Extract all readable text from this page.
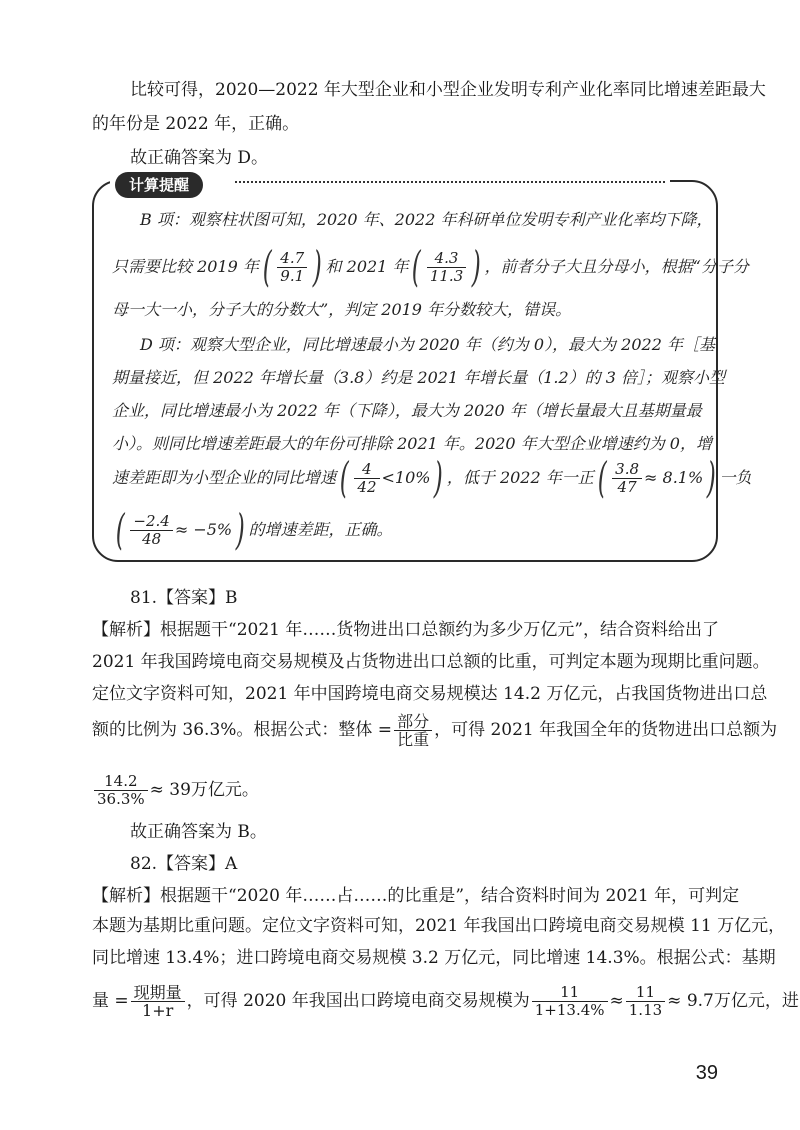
比较可得，2020—2022 年大型企业和小型企业发明专利产业化率同比增速差距最大
的年份是 2022 年，正确。
故正确答案为 D。
计算提醒
B 项：观察柱状图可知，2020 年、2022 年科研单位发明专利产业化率均下降，
只需要比较 2019 年 ( $\frac{4.7}{9.1}$ ) 和 2021 年 ( $\frac{4.3}{11.3}$ ) ，前者分子大且分母小，根据“分子分
母一大一小，分子大的分数大”，判定 2019 年分数较大，错误。
D 项：观察大型企业，同比增速最小为 2020 年（约为 0），最大为 2022 年［基
期量接近，但 2022 年增长量（3.8）约是 2021 年增长量（1.2）的 3 倍］；观察小型
企业，同比增速最小为 2022 年（下降），最大为 2020 年（增长量最大且基期量最
小）。则同比增速差距最大的年份可排除 2021 年。2020 年大型企业增速约为 0，增
速差距即为小型企业的同比增速 ( $\frac{4}{42} <10\%$ ) ，低于 2022 年一正 ( $\frac{3.8}{47} \approx 8.1\%$ ) 一负
( $\frac{-2.4}{48} \approx -5\%$ ) 的增速差距，正确。
81.【答案】B
【解析】根据题干“2021 年……货物进出口总额约为多少万亿元”，结合资料给出了
2021 年我国跨境电商交易规模及占货物进出口总额的比重，可判定本题为现期比重问题。
定位文字资料可知，2021 年中国跨境电商交易规模达 14.2 万亿元，占我国货物进出口总
额的比例为 36.3%。根据公式：整体 = $\frac{\text{部分}}{\text{比重}}$ ，可得 2021 年我国全年的货物进出口总额为
$\frac{14.2}{36.3\%} \approx 39$万亿元。
故正确答案为 B。
82.【答案】A
【解析】根据题干“2020 年……占……的比重是”，结合资料时间为 2021 年，可判定
本题为基期比重问题。定位文字资料可知，2021 年我国出口跨境电商交易规模 11 万亿元，
同比增速 13.4%；进口跨境电商交易规模 3.2 万亿元，同比增速 14.3%。根据公式：基期
量 = $\frac{\text{现期量}}{1+r}$ ，可得 2020 年我国出口跨境电商交易规模为 $\frac{11}{1+13.4\%} \approx \frac{11}{1.13} \approx 9.7$万亿元，进
39
